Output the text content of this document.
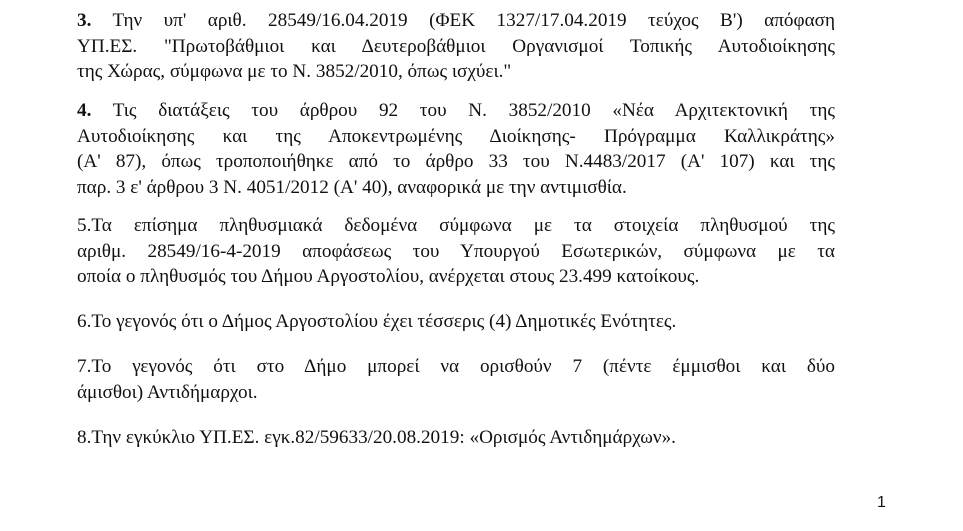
3. Την υπ' αριθ. 28549/16.04.2019 (ΦΕΚ 1327/17.04.2019 τεύχος Β') απόφαση
ΥΠ.ΕΣ. "Πρωτοβάθμιοι και Δευτεροβάθμιοι Οργανισμοί Τοπικής Αυτοδιοίκησης
της Χώρας, σύμφωνα με το Ν. 3852/2010, όπως ισχύει."
4. Τις διατάξεις του άρθρου 92 του Ν. 3852/2010 «Νέα Αρχιτεκτονική της
Αυτοδιοίκησης και της Αποκεντρωμένης Διοίκησης- Πρόγραμμα Καλλικράτης»
(Α' 87), όπως τροποποιήθηκε από το άρθρο 33 του Ν.4483/2017 (Α' 107) και της
παρ. 3 ε' άρθρου 3 Ν. 4051/2012 (Α' 40), αναφορικά με την αντιμισθία.
5.Τα επίσημα πληθυσμιακά δεδομένα σύμφωνα με τα στοιχεία πληθυσμού της
αριθμ. 28549/16-4-2019 αποφάσεως του Υπουργού Εσωτερικών, σύμφωνα με τα
οποία ο πληθυσμός του Δήμου Αργοστολίου, ανέρχεται στους 23.499 κατοίκους.
6.Το γεγονός ότι ο Δήμος Αργοστολίου έχει τέσσερις (4) Δημοτικές Ενότητες.
7.Το γεγονός ότι στο Δήμο μπορεί να ορισθούν 7 (πέντε έμμισθοι και δύο
άμισθοι) Αντιδήμαρχοι.
8.Την εγκύκλιο ΥΠ.ΕΣ. εγκ.82/59633/20.08.2019: «Ορισμός Αντιδημάρχων».
1
